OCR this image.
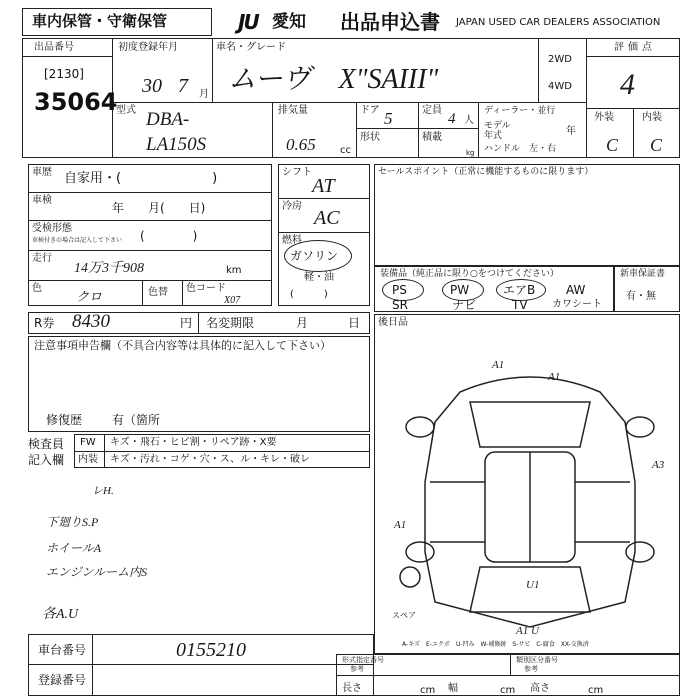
車内保管・守衛保管	JU 愛知 出品申込書 JAPAN USED CAR DEALERS ASSOCIATION
出品番号
[2130]
35064
初度登録年月
30 7 月
車名・グレード
ムーヴ　X"SAIII"
2WD
4WD
評価点
4
外装	内装
C C
型式 DBA-
LA150S
排気量
0.65 cc
ドア 5	定員
4 人
形状	積載
kg
ディーラー・並行
モデル年式	年
ハンドル　左・右
車歴 自家用・(　　　　　　　)
車検
年　　月(　　日)
受検形態
車検付きの場合は記入して下さい (　　　　)
走行
14万3千908	km
色
クロ	色替 色コード
X07
シフト
AT
冷房
AC
燃料
ガソリン
軽・油
(　　　)
セールスポイント（正常に機能するものに限ります）
装備品（純正品に限り○をつけてください）
PS	PW	エアB	AW
SR	ナビ	TV カワシート
新車保証書
有・無
R券 8430	円 名変期限	月	日
注意事項申告欄（不具合内容等は具体的に記入して下さい）
修復歴 有（箇所
検査員
記入欄
FW キズ・飛石・ヒビ割・リペア跡・X要
内装 キズ・汚れ・コゲ・穴・ス、ル・キレ・破レ
レH.
下廻りS.P
ホイールA
エンジンルーム内S
各A.U
後日品
A1
A1
A3
A1
U1
A1 U
スペア
A-キズ　E-エクボ　U-凹み　W-補修跡　S-サビ　C-腐食　XX-交換済
車台番号	0155210
登録番号
形式指定番号
参考
類別区分番号
参考
長さ	cm 幅	cm 高さ	cm
